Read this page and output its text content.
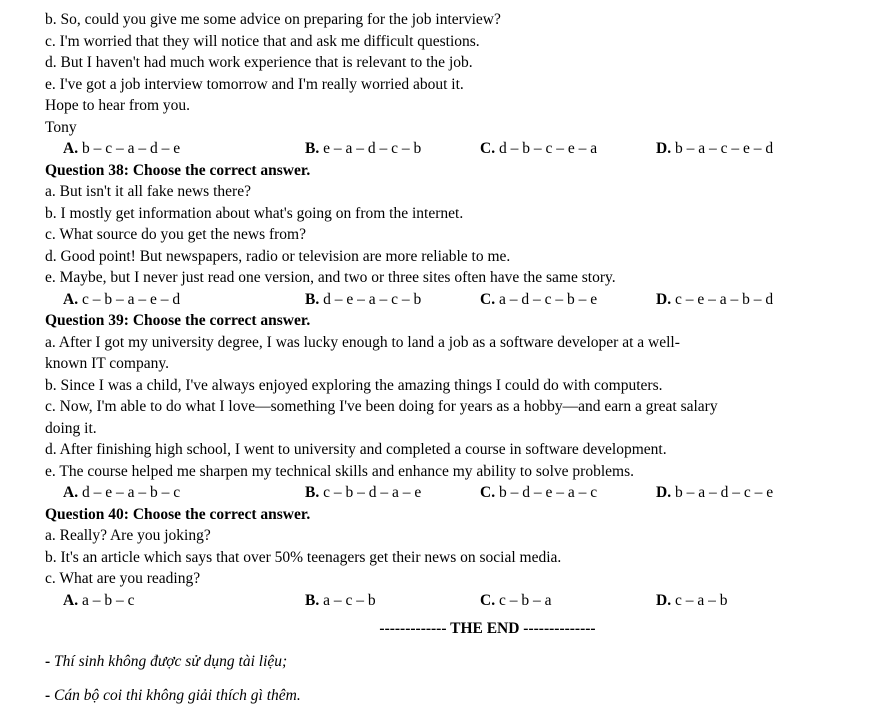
b. So, could you give me some advice on preparing for the job interview?
c. I'm worried that they will notice that and ask me difficult questions.
d. But I haven't had much work experience that is relevant to the job.
e. I've got a job interview tomorrow and I'm really worried about it.
Hope to hear from you.
Tony
A. b – c – a – d – e	B. e – a – d – c – b	C. d – b – c – e – a	D. b – a – c – e – d
Question 38: Choose the correct answer.
a. But isn't it all fake news there?
b. I mostly get information about what's going on from the internet.
c. What source do you get the news from?
d. Good point! But newspapers, radio or television are more reliable to me.
e. Maybe, but I never just read one version, and two or three sites often have the same story.
A. c – b – a – e – d	B. d – e – a – c – b	C. a – d – c – b – e	D. c – e – a – b – d
Question 39: Choose the correct answer.
a. After I got my university degree, I was lucky enough to land a job as a software developer at a well-
known IT company.
b. Since I was a child, I've always enjoyed exploring the amazing things I could do with computers.
c. Now, I'm able to do what I love—something I've been doing for years as a hobby—and earn a great salary
doing it.
d. After finishing high school, I went to university and completed a course in software development.
e. The course helped me sharpen my technical skills and enhance my ability to solve problems.
A. d – e – a – b – c	B. c – b – d – a – e	C. b – d – e – a – c	D. b – a – d – c – e
Question 40: Choose the correct answer.
a. Really? Are you joking?
b. It's an article which says that over 50% teenagers get their news on social media.
c. What are you reading?
A. a – b – c	B. a – c – b	C. c – b – a	D. c – a – b
------------- THE END --------------
- Thí sinh không được sử dụng tài liệu;
- Cán bộ coi thi không giải thích gì thêm.
